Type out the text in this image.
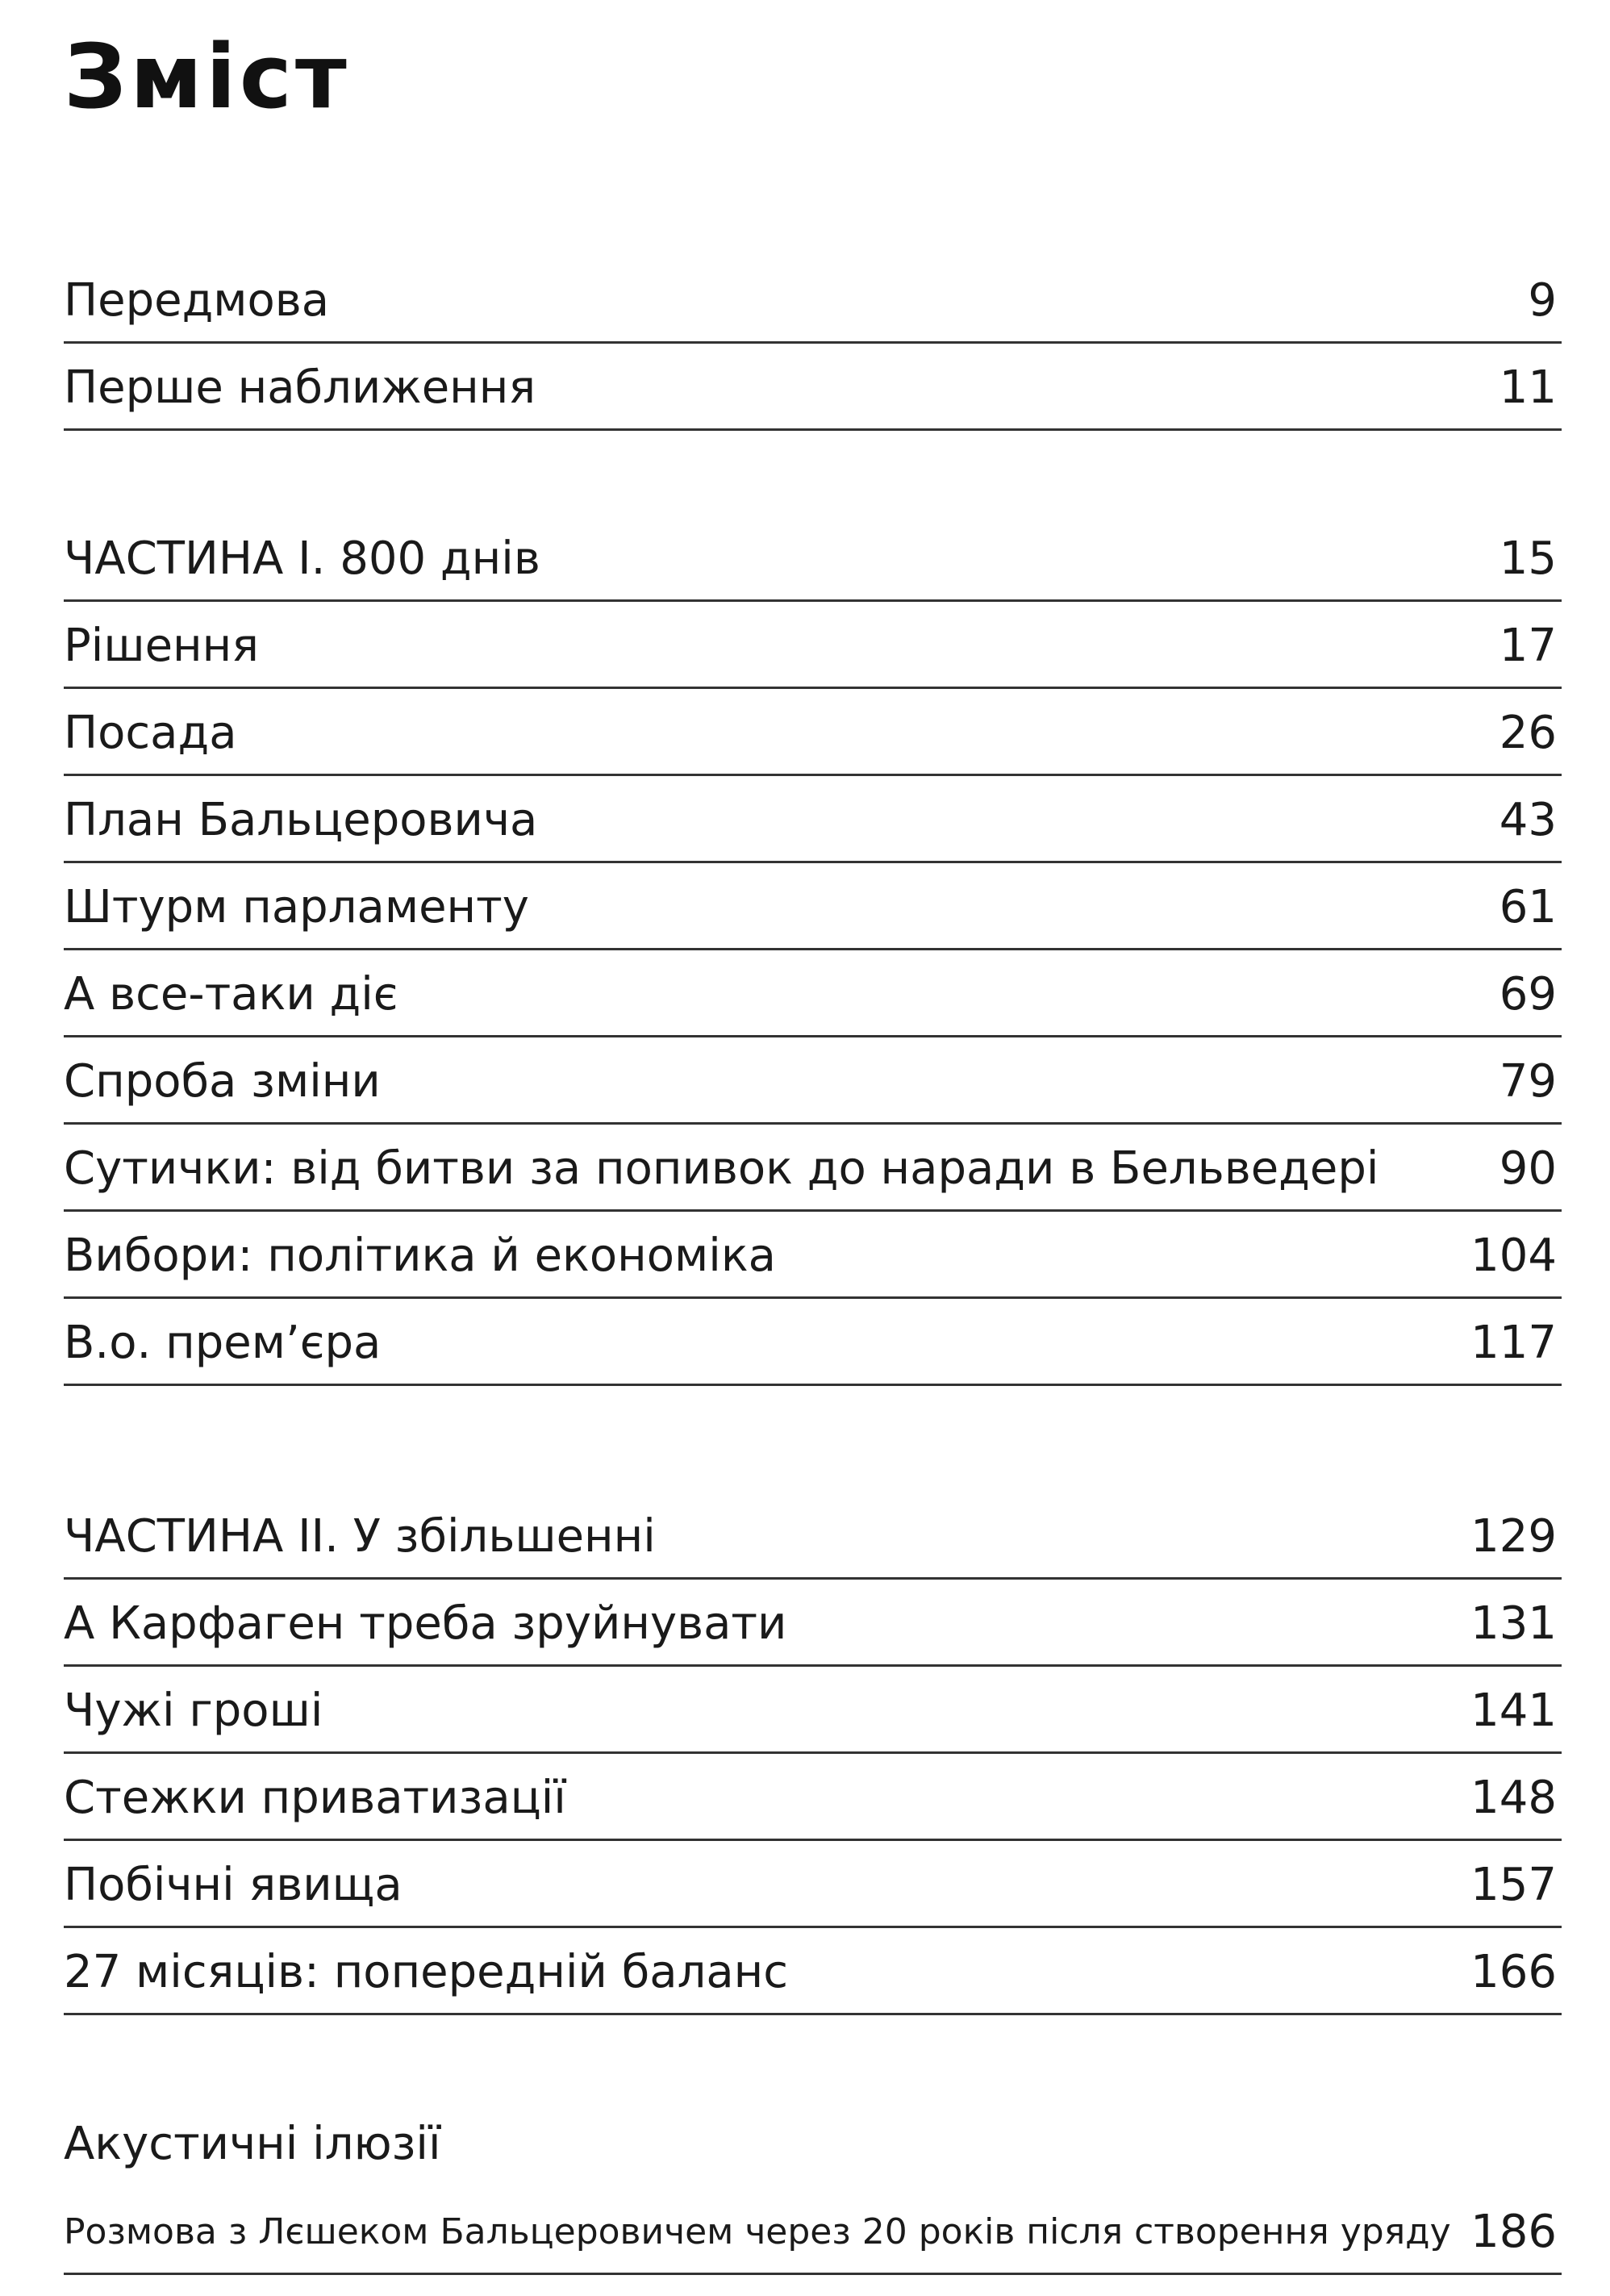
Зміст
Передмова	9
Перше наближення	11
ЧАСТИНА I. 800 днів	15
Рішення	17
Посада	26
План Бальцеровича	43
Штурм парламенту	61
А все-таки діє	69
Спроба зміни	79
Сутички: від битви за попивок до наради в Бельведері	90
Вибори: політика й економіка	104
В.о. прем’єра	117
ЧАСТИНА II. У збільшенні	129
А Карфаген треба зруйнувати	131
Чужі гроші	141
Стежки приватизації	148
Побічні явища	157
27 місяців: попередній баланс	166
Акустичні ілюзії
Розмова з Лєшеком Бальцеровичем через 20 років після створення уряду 186
